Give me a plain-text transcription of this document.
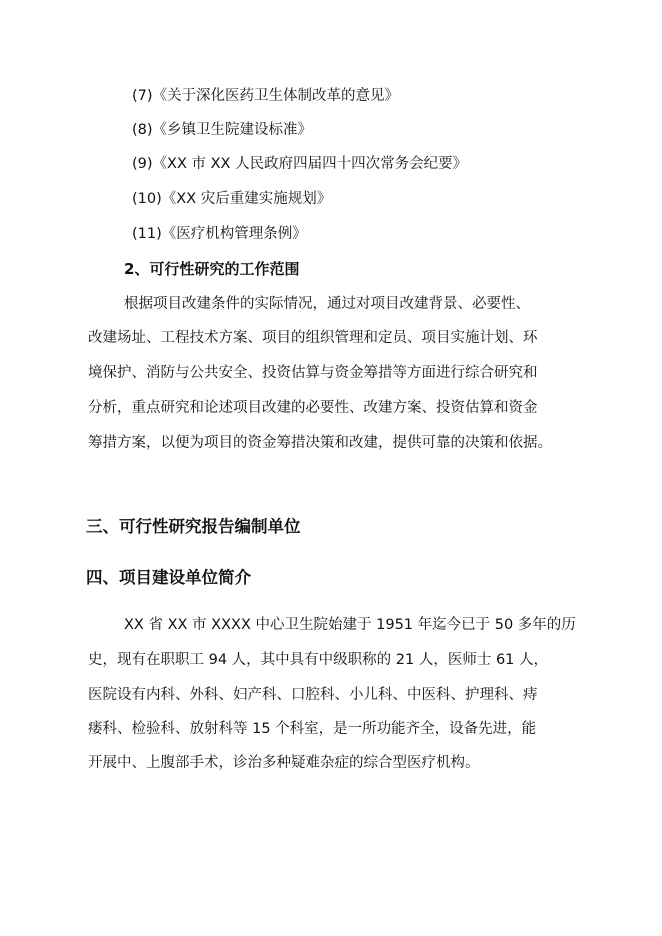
(7)《关于深化医药卫生体制改革的意见》
(8)《乡镇卫生院建设标准》
(9)《XX 市 XX 人民政府四届四十四次常务会纪要》
(10)《XX 灾后重建实施规划》
(11)《医疗机构管理条例》
2、可行性研究的工作范围
根据项目改建条件的实际情况，通过对项目改建背景、必要性、
改建场址、工程技术方案、项目的组织管理和定员、项目实施计划、环
境保护、消防与公共安全、投资估算与资金筹措等方面进行综合研究和
分析，重点研究和论述项目改建的必要性、改建方案、投资估算和资金
筹措方案，以便为项目的资金筹措决策和改建，提供可靠的决策和依据。
三、可行性研究报告编制单位
四、项目建设单位简介
XX 省 XX 市 XXXX 中心卫生院始建于 1951 年迄今已于 50 多年的历
史，现有在职职工 94 人，其中具有中级职称的 21 人，医师士 61 人，
医院设有内科、外科、妇产科、口腔科、小儿科、中医科、护理科、痔
瘘科、检验科、放射科等 15 个科室，是一所功能齐全，设备先进，能
开展中、上腹部手术，诊治多种疑难杂症的综合型医疗机构。
